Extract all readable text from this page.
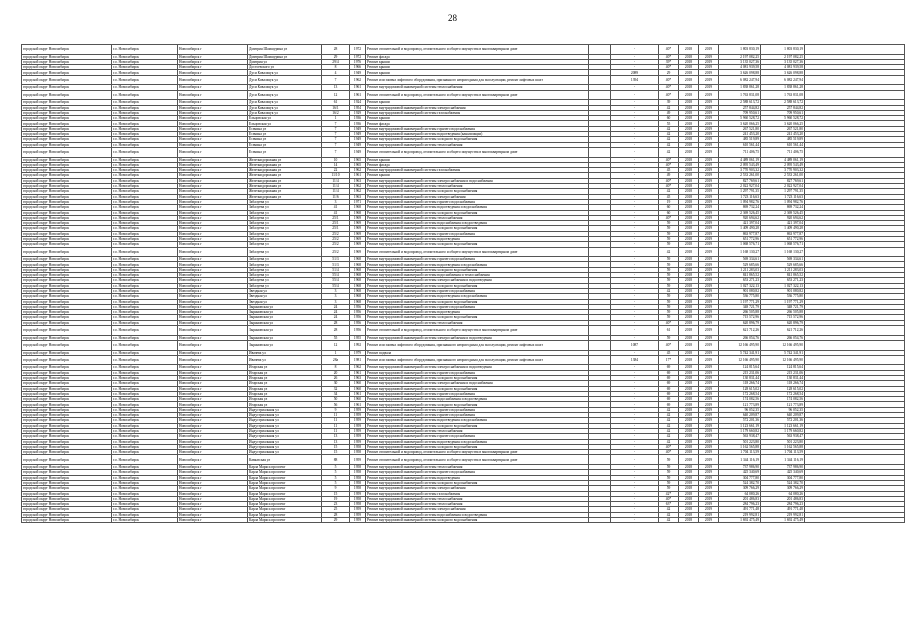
28
городской округ Новосибирск	г.о. Новосибирск	Новосибирск г	Дмитрия Шамшурина ул	28	1972	Ремонт отопительной и водопровод, отопительного и общего имущества в многоквартирном доме		-	40*	2018	2019	1 803 830,19	1 803 830,19	
городской округ Новосибирск	г.о. Новосибирск	Новосибирск г	Дмитрия Шамшурина ул	29	1972	Ремонт фасада		-	40*	2018	2019	2 197 082,25	2 197 082,25	
городской округ Новосибирск	г.о. Новосибирск	Новосибирск г	Дмитрия ул	29/4	1976	Ремонт крыши		-	39*	2018	2019	3 135 027,36	3 135 027,36	
городской округ Новосибирск	г.о. Новосибирск	Новосибирск г	Достоевского ул	8	1966	Ремонт крыши		-	40*	2018	2019	4 081 939,58	4 081 939,58	
городской округ Новосибирск	г.о. Новосибирск	Новосибирск г	Дуси Ковальчук ул	4	1949	Ремонт крыши		2089	29	2018	2019	3 626 098,88	3 626 098,88	
городской округ Новосибирск	г.о. Новосибирск	Новосибирск г	Дуси Ковальчук ул	7	1962	Ремонт или замена лифтового оборудования, признанного непригодным для эксплуатации, ремонт лифтовых шахт		1394	40*	2018	2019	6 082 247,94	6 082 247,94	
городской округ Новосибирск	г.о. Новосибирск	Новосибирск г	Дуси Ковальчук ул	13	1961	Ремонт внутридомовой инженерной системы теплоснабжения		-	40*	2018	2019	1 838 861,28	1 838 861,28	
городской округ Новосибирск	г.о. Новосибирск	Новосибирск г	Дуси Ковальчук ул	12	1961	Ремонт отопительной и водопровод, отопительного и общего имущества в многоквартирном доме		-	40*	2018	2019	1 763 831,08	1 763 831,08	
городской округ Новосибирск	г.о. Новосибирск	Новосибирск г	Дуси Ковальчук ул	61	1924	Ремонт крыши		-	39	2018	2019	2 588 613,72	2 588 613,72	
городской округ Новосибирск	г.о. Новосибирск	Новосибирск г	Дуси Ковальчук ул	16/1	1954	Ремонт внутридомовой инженерной системы электроснабжения		-	42	2018	2019	257 844,82	257 844,82	
городской округ Новосибирск	г.о. Новосибирск	Новосибирск г	Дуси Ковальчук ул	16/2	1929	Ремонт внутридомовой инженерной системы газоснабжения		-	49	2018	2019	709 950,61	709 950,61	
городской округ Новосибирск	г.о. Новосибирск	Новосибирск г	Ельцовская ул	1	1936	Ремонт крыши		-	60	2018	2019	5 960 528,72	5 960 528,72	
городской округ Новосибирск	г.о. Новосибирск	Новосибирск г	Ельцовская ул	7	1936	Ремонт фасада		-	55	2018	2019	3 620 066,25	3 620 066,25	
городской округ Новосибирск	г.о. Новосибирск	Новосибирск г	Есенина ул	7	1949	Ремонт внутридомовой инженерной системы горячего водоснабжения		-	42	2018	2019	267 521,80	267 521,80	
городской округ Новосибирск	г.о. Новосибирск	Новосибирск г	Есенина ул	7	1949	Ремонт внутридомовой инженерной системы водоотведения (канализации)		-	42	2018	2019	241 453,20	241 453,20	
городской округ Новосибирск	г.о. Новосибирск	Новосибирск г	Есенина ул	7	1949	Ремонт внутридомовой инженерной системы холодного водоснабжения		-	42	2018	2019	485 519,89	485 519,89	
городской округ Новосибирск	г.о. Новосибирск	Новосибирск г	Есенина ул	7	1949	Ремонт внутридомовой инженерной системы теплоснабжения		-	42	2018	2019	610 561,44	610 561,44	
городской округ Новосибирск	г.о. Новосибирск	Новосибирск г	Есенина ул	7	1949	Ремонт отопительной и водопровод, отопительного и общего имущества в многоквартирном доме		-	42	2018	2019	711 406,75	711 406,75	
городской округ Новосибирск	г.о. Новосибирск	Новосибирск г	Железнодорожная ул	10	1965	Ремонт крыши		-	40*	2018	2019	4 489 061,19	4 489 061,19	
городской округ Новосибирск	г.о. Новосибирск	Новосибирск г	Железнодорожная ул	14	1965	Ремонт фасада		-	40*	2018	2019	2 095 543,49	2 095 543,49	
городской округ Новосибирск	г.о. Новосибирск	Новосибирск г	Железнодорожная ул	22	1962	Ремонт внутридомовой инженерной системы газоснабжения		-	45	2018	2019	3 770 903,32	3 770 903,32	
городской округ Новосибирск	г.о. Новосибирск	Новосибирск г	Железнодорожная ул	11/10	1961	Ремонт крыши		-	49	2018	2019	2 533 261,00	2 533 261,00	
городской округ Новосибирск	г.о. Новосибирск	Новосибирск г	Железнодорожная ул	11/4	1963	Ремонт внутридомовой инженерной системы электроснабжения и водоснабжения		-	40*	2018	2019	827 769,61	827 769,61	
городской округ Новосибирск	г.о. Новосибирск	Новосибирск г	Железнодорожная ул	11/4	1962	Ремонт внутридомовой инженерной системы теплоснабжения		-	40*	2018	2019	2 022 927,04	2 022 927,04	
городской округ Новосибирск	г.о. Новосибирск	Новосибирск г	Железнодорожная ул	11/4	1962	Ремонт внутридомовой инженерной системы холодного водоснабжения		-	42	2018	2019	1 297 791,35	1 297 791,35	
городской округ Новосибирск	г.о. Новосибирск	Новосибирск г	Железнодорожная ул	11/6	1963	Ремонт внутридомовой инженерной системы электроснабжения		-	45	2018	2019	1 723 116,63	1 723 116,63	
городской округ Новосибирск	г.о. Новосибирск	Новосибирск г	Забалуева ул	3	1971	Ремонт внутридомовой инженерной системы горячего водоснабжения		-	19	2018	2019	1 094 982,76	1 094 982,76	
городской округ Новосибирск	г.о. Новосибирск	Новосибирск г	Забалуева ул	41	1968	Ремонт внутридомовой инженерной системы водоотведения и водоснабжения		-	60	2018	2019	869 732,24	869 732,24	
городской округ Новосибирск	г.о. Новосибирск	Новосибирск г	Забалуева ул	41	1968	Ремонт внутридомовой инженерной системы холодного водоснабжения		-	60	2018	2019	2 369 526,45	2 369 526,45	
городской округ Новосибирск	г.о. Новосибирск	Новосибирск г	Забалуева ул	25/1	1969	Ремонт внутридомовой инженерной системы теплоснабжения		-	40*	2018	2019	920 694,62	920 694,62	
городской округ Новосибирск	г.о. Новосибирск	Новосибирск г	Забалуева ул	25/1	1969	Ремонт внутридомовой инженерной системы водоснабжения и водоотведения		-	59	2018	2019	421 397,04	421 397,04	
городской округ Новосибирск	г.о. Новосибирск	Новосибирск г	Забалуева ул	25/1	1969	Ремонт внутридомовой инженерной системы холодного водоснабжения		-	59	2018	2019	1 409 490,28	1 409 490,28	
городской округ Новосибирск	г.о. Новосибирск	Новосибирск г	Забалуева ул	25/2	1969	Ремонт внутридомовой инженерной системы горячего водоснабжения		-	59	2018	2019	863 977,87	863 977,87	
городской округ Новосибирск	г.о. Новосибирск	Новосибирск г	Забалуева ул	25/2	1969	Ремонт внутридомовой инженерной системы водоотведения		-	59	2018	2019	651 772,96	651 772,96	
городской округ Новосибирск	г.о. Новосибирск	Новосибирск г	Забалуева ул	25/2	1969	Ремонт внутридомовой инженерной системы холодного водоснабжения		-	59	2018	2019	1 068 576,71	1 068 576,71	
городской округ Новосибирск	г.о. Новосибирск	Новосибирск г	Забалуева ул	25/2	1969	Ремонт отопительной и водопровод, отопительного и общего имущества в многоквартирном доме		-	42	2018	2019	1 168 130,27	1 168 130,27	
городской округ Новосибирск	г.о. Новосибирск	Новосибирск г	Забалуева ул	51/3	1968	Ремонт внутридомовой инженерной системы горячего водоснабжения		-	59	2018	2019	569 334,61	569 334,61	
городской округ Новосибирск	г.о. Новосибирск	Новосибирск г	Забалуева ул	51/3	1968	Ремонт внутридомовой инженерной системы водоотведения и водоснабжения		-	59	2018	2019	529 685,66	529 685,66	
городской округ Новосибирск	г.о. Новосибирск	Новосибирск г	Забалуева ул	51/4	1968	Ремонт внутридомовой инженерной системы холодного водоснабжения		-	59	2018	2019	1 211 283,03	1 211 283,03	
городской округ Новосибирск	г.о. Новосибирск	Новосибирск г	Забалуева ул	55/4	1968	Ремонт внутридомовой инженерной системы водоснабжения и теплоснабжения		-	59	2018	2019	841 865,52	841 865,52	
городской округ Новосибирск	г.о. Новосибирск	Новосибирск г	Забалуева ул	55/4	1968	Ремонт внутридомовой инженерной системы электроснабжения и водоотведения		-	59	2018	2019	653 271,23	653 271,23	
городской округ Новосибирск	г.о. Новосибирск	Новосибирск г	Забалуева ул	55/4	1968	Ремонт внутридомовой инженерной системы холодного водоснабжения		-	59	2018	2019	1 027 322,13	1 027 322,13	
городской округ Новосибирск	г.о. Новосибирск	Новосибирск г	Звездная ул	3	1968	Ремонт внутридомовой инженерной системы горячего водоснабжения		-	42	2018	2019	901 080,82	901 080,82	
городской округ Новосибирск	г.о. Новосибирск	Новосибирск г	Звездная ул	3	1968	Ремонт внутридомовой инженерной системы водоотведения и водоснабжения		-	59	2018	2019	536 775,80	536 775,80	
городской округ Новосибирск	г.о. Новосибирск	Новосибирск г	Звездная ул	3	1968	Ремонт внутридомовой инженерной системы холодного водоснабжения		-	59	2018	2019	1 197 771,29	1 197 771,29	
городской округ Новосибирск	г.о. Новосибирск	Новосибирск г	Зыряновская ул	24	1956	Ремонт внутридомовой инженерной системы горячего водоснабжения		-	59	2018	2019	348 721,79	348 721,79	
городской округ Новосибирск	г.о. Новосибирск	Новосибирск г	Зыряновская ул	24	1956	Ремонт внутридомовой инженерной системы водоотведения		-	59	2018	2019	266 505,88	266 505,88	
городской округ Новосибирск	г.о. Новосибирск	Новосибирск г	Зыряновская ул	24	1956	Ремонт внутридомовой инженерной системы холодного водоснабжения		-	59	2018	2019	715 572,96	715 572,96	
городской округ Новосибирск	г.о. Новосибирск	Новосибирск г	Зыряновская ул	28	1956	Ремонт внутридомовой инженерной системы теплоснабжения		-	40*	2018	2019	620 896,79	620 896,79	
городской округ Новосибирск	г.о. Новосибирск	Новосибирск г	Зыряновская ул	28	1956	Ремонт отопительной и водопровод, отопительного и общего имущества в многоквартирном доме		-	61	2018	2019	621 712,26	621 712,26	
городской округ Новосибирск	г.о. Новосибирск	Новосибирск г	Зыряновская ул	55	1955	Ремонт внутридомовой инженерной системы электроснабжения и водоотведения		-	59	2018	2019	266 054,76	266 054,76	
городской округ Новосибирск	г.о. Новосибирск	Новосибирск г	Зыряновская ул	12	1992	Ремонт или замена лифтового оборудования, признанного непригодным для эксплуатации, ремонт лифтовых шахт		1087	40*	2018	2019	12 166 495,90	12 166 495,90	
городской округ Новосибирск	г.о. Новосибирск	Новосибирск г	Ивачева ул	1	1979	Ремонт подвала		-	45	2018	2019	5 742 341,91	5 742 341,91	
городской округ Новосибирск	г.о. Новосибирск	Новосибирск г	Ивачева ул	28а	1981	Ремонт или замена лифтового оборудования, признанного непригодным для эксплуатации, ремонт лифтовых шахт		1384	17*	2018	2019	12 166 495,90	12 166 495,90	
городской округ Новосибирск	г.о. Новосибирск	Новосибирск г	Игарская ул	8	1962	Ремонт внутридомовой инженерной системы электроснабжения и водоотведения		-	69	2018	2019	124 815,64	124 815,64	
городской округ Новосибирск	г.о. Новосибирск	Новосибирск г	Игарская ул	20	1961	Ремонт внутридомовой инженерной системы горячего водоснабжения		-	69	2018	2019	215 231,06	215 231,06	
городской округ Новосибирск	г.о. Новосибирск	Новосибирск г	Игарская ул	26	1963	Ремонт внутридомовой инженерной системы холодного водоснабжения		-	69	2018	2019	130 831,44	130 831,44	
городской округ Новосибирск	г.о. Новосибирск	Новосибирск г	Игарская ул	30	1960	Ремонт внутридомовой инженерной системы электроснабжения и водоснабжения		-	69	2018	2019	118 266,74	118 266,74	
городской округ Новосибирск	г.о. Новосибирск	Новосибирск г	Игарская ул	32	1960	Ремонт внутридомовой инженерной системы холодного водоснабжения		-	69	2018	2019	128 615,02	128 615,02	
городской округ Новосибирск	г.о. Новосибирск	Новосибирск г	Игарская ул	34	1961	Ремонт внутридомовой инженерной системы горячего водоснабжения		-	69	2018	2019	172 268,54	172 268,54	
городской округ Новосибирск	г.о. Новосибирск	Новосибирск г	Игарская ул	50	1960	Ремонт внутридомовой инженерной системы водоснабжения и водоотведения		-	69	2018	2019	174 082,56	174 082,56	
городской округ Новосибирск	г.о. Новосибирск	Новосибирск г	Игарская ул	56	1961	Ремонт внутридомовой инженерной системы холодного водоснабжения		-	69	2018	2019	121 773,89	121 773,89	
городской округ Новосибирск	г.о. Новосибирск	Новосибирск г	Индустриальная ул	9	1959	Ремонт внутридомовой инженерной системы горячего водоснабжения		-	42	2018	2019	96 052,35	96 052,35	
городской округ Новосибирск	г.о. Новосибирск	Новосибирск г	Индустриальная ул	11	1959	Ремонт внутридомовой инженерной системы горячего водоснабжения		-	42	2018	2019	640 209,87	640 209,87	
городской округ Новосибирск	г.о. Новосибирск	Новосибирск г	Индустриальная ул	11	1959	Ремонт внутридомовой инженерной системы водоотведения и водоснабжения		-	42	2018	2019	572 201,36	572 201,36	
городской округ Новосибирск	г.о. Новосибирск	Новосибирск г	Индустриальная ул	11	1959	Ремонт внутридомовой инженерной системы холодного водоснабжения		-	42	2018	2019	1 123 661,19	1 123 661,19	
городской округ Новосибирск	г.о. Новосибирск	Новосибирск г	Индустриальная ул	11	1959	Ремонт внутридомовой инженерной системы теплоснабжения		-	42	2018	2019	1 179 660,82	1 179 660,82	
городской округ Новосибирск	г.о. Новосибирск	Новосибирск г	Индустриальная ул	13	1959	Ремонт внутридомовой инженерной системы горячего водоснабжения		-	42	2018	2019	563 938,47	563 938,47	
городской округ Новосибирск	г.о. Новосибирск	Новосибирск г	Индустриальная ул	13	1959	Ремонт внутридомовой инженерной системы водоотведения и водоснабжения		-	42	2018	2019	501 223,80	501 223,80	
городской округ Новосибирск	г.о. Новосибирск	Новосибирск г	Индустриальная ул	15	1958	Ремонт внутридомовой инженерной системы холодного водоснабжения		-	40*	2018	2019	1 162 565,88	1 162 565,88	
городской округ Новосибирск	г.о. Новосибирск	Новосибирск г	Индустриальная ул	15	1958	Ремонт отопительной и водопровод, отопительного и общего имущества в многоквартирном доме		-	40*	2018	2019	1 704 113,59	1 704 113,59	
городской округ Новосибирск	г.о. Новосибирск	Новосибирск г	Кавказская ул	88	1959	Ремонт отопительной и водопровод, отопительного и общего имущества в многоквартирном доме		-	59	2018	2019	1 344 116,19	1 344 116,19	
городской округ Новосибирск	г.о. Новосибирск	Новосибирск г	Карла Маркса проспект	5	1958	Ремонт внутридомовой инженерной системы теплоснабжения		-	59	2018	2019	737 986,90	737 986,90	
городской округ Новосибирск	г.о. Новосибирск	Новосибирск г	Карла Маркса проспект	5	1958	Ремонт внутридомовой инженерной системы горячего водоснабжения		-	59	2018	2019	425 340,69	425 340,69	
городской округ Новосибирск	г.о. Новосибирск	Новосибирск г	Карла Маркса проспект	5	1958	Ремонт внутридомовой инженерной системы водоотведения		-	59	2018	2019	304 777,80	304 777,80	
городской округ Новосибирск	г.о. Новосибирск	Новосибирск г	Карла Маркса проспект	5	1958	Ремонт внутридомовой инженерной системы холодного водоснабжения		-	59	2018	2019	524 382,70	524 382,70	
городской округ Новосибирск	г.о. Новосибирск	Новосибирск г	Карла Маркса проспект	9	1958	Ремонт внутридомовой инженерной системы электроснабжения		-	59	2018	2019	309 766,29	309 766,29	
городской округ Новосибирск	г.о. Новосибирск	Новосибирск г	Карла Маркса проспект	15	1959	Ремонт внутридомовой инженерной системы газоснабжения		-	42*	2018	2019	64 080,26	64 080,26	
городской округ Новосибирск	г.о. Новосибирск	Новосибирск г	Карла Маркса проспект	19	1958	Ремонт внутридомовой инженерной системы теплоснабжения		-	40*	2018	2019	201 486,83	201 486,83	
городской округ Новосибирск	г.о. Новосибирск	Новосибирск г	Карла Маркса проспект	23	1958	Ремонт внутридомовой инженерной системы теплоснабжения		-	63*	2018	2019	284 796,23	284 796,23	
городской округ Новосибирск	г.о. Новосибирск	Новосибирск г	Карла Маркса проспект	25	1959	Ремонт внутридомовой инженерной системы электроснабжения		-	42	2018	2019	491 771,48	491 771,48	
городской округ Новосибирск	г.о. Новосибирск	Новосибирск г	Карла Маркса проспект	28	1959	Ремонт внутридомовой инженерной системы водоснабжения и водоотведения		-	42	2018	2019	219 992,81	219 992,81	
городской округ Новосибирск	г.о. Новосибирск	Новосибирск г	Карла Маркса проспект	29	1959	Ремонт внутридомовой инженерной системы холодного водоснабжения		-	42	2018	2019	1 692 475,49	1 692 475,49	
